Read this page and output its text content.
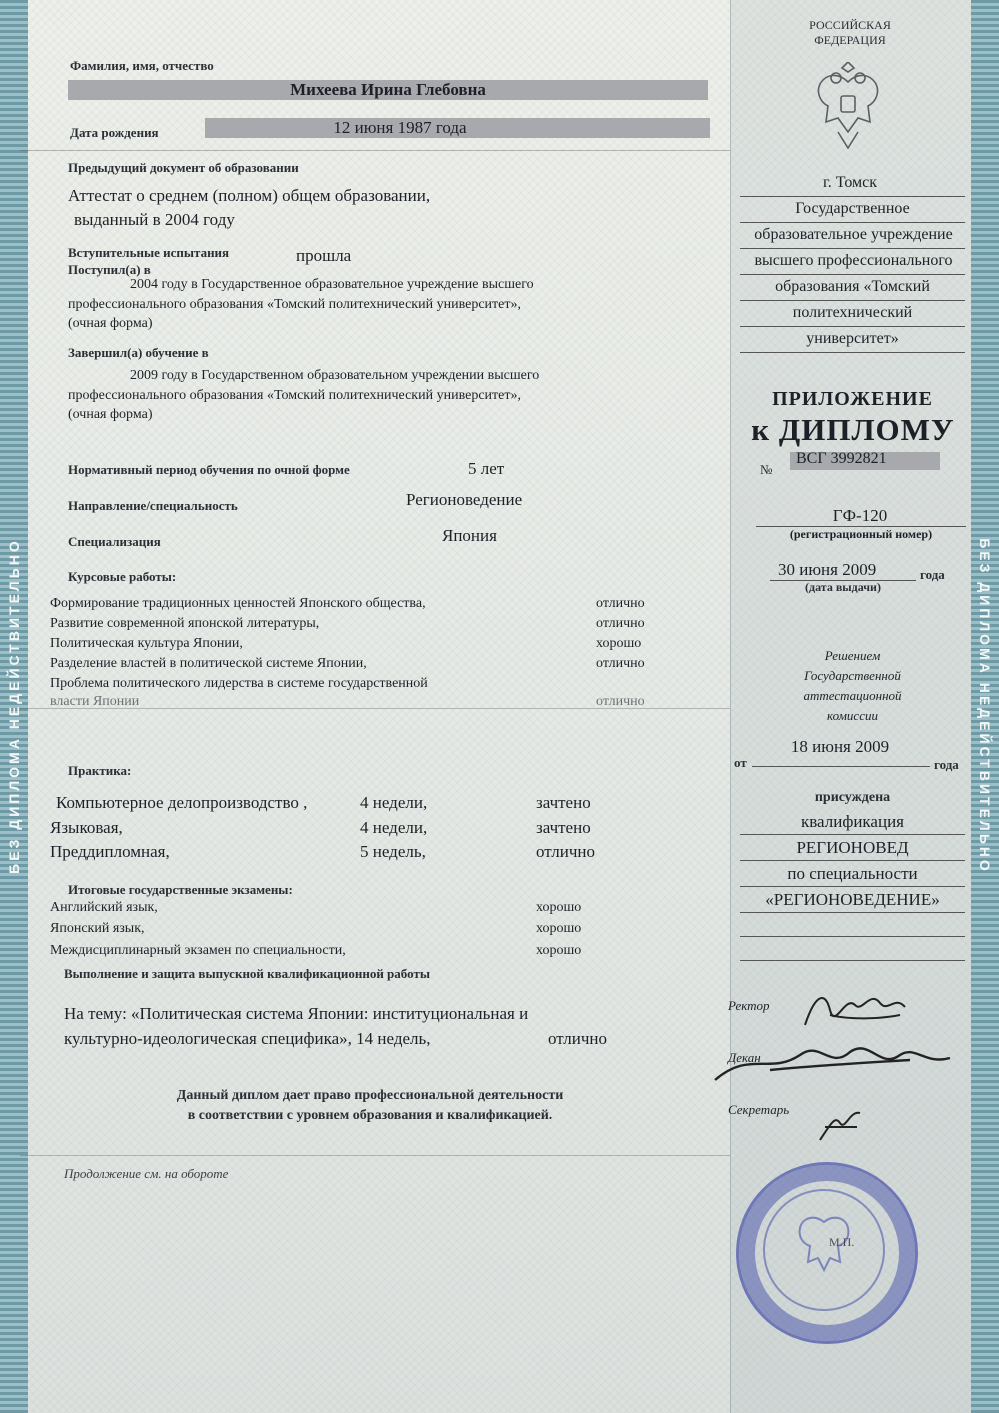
БЕЗ ДИПЛОМА НЕДЕЙСТВИТЕЛЬНО	БЕЗ ДИПЛОМА НЕДЕЙСТВИТЕЛЬНО
Фамилия, имя, отчество
Михеева Ирина Глебовна
Дата рождения	12 июня 1987 года
Предыдущий документ об образовании
Аттестат о среднем (полном) общем образовании,
выданный в 2004 году
Вступительные испытания	прошла
Поступил(а) в
2004 году в Государственное образовательное учреждение высшего
профессионального образования «Томский политехнический университет»,
(очная форма)
Завершил(а) обучение в
2009 году в Государственном образовательном учреждении высшего
профессионального образования «Томский политехнический университет»,
(очная форма)
Нормативный период обучения по очной форме	5 лет
Направление/специальность	Регионоведение
Специализация	Япония
Курсовые работы:
Формирование традиционных ценностей Японского общества,	отлично
Развитие современной японской литературы,	отлично
Политическая культура Японии,	хорошо
Разделение властей в политической системе Японии,	отлично
Проблема политического лидерства в системе государственной
власти Японии	отлично
Практика:
Компьютерное делопроизводство ,	4 недели,	зачтено
Языковая,	4 недели,	зачтено
Преддипломная,	5 недель,	отлично
Итоговые государственные экзамены:
Английский язык,	хорошо
Японский язык,	хорошо
Междисциплинарный экзамен по специальности,	хорошо
Выполнение и защита выпускной квалификационной работы
На тему: «Политическая система Японии: институциональная и
культурно-идеологическая специфика», 14 недель,	отлично
Данный диплом дает право профессиональной деятельности
в соответствии с уровнем образования и квалификацией.
Продолжение см. на обороте
РОССИЙСКАЯ
ФЕДЕРАЦИЯ
г. Томск
Государственное
образовательное учреждение
высшего профессионального
образования «Томский
политехнический
университет»
ПРИЛОЖЕНИЕ
к ДИПЛОМУ
№
ВСГ 3992821
ГФ-120
(регистрационный номер)
30 июня 2009	года
(дата выдачи)
Решением
Государственной
аттестационной
комиссии
от
18 июня 2009
года
присуждена
квалификация
РЕГИОНОВЕД
по специальности
«РЕГИОНОВЕДЕНИЕ»
Ректор
Декан
Секретарь
М.П.
